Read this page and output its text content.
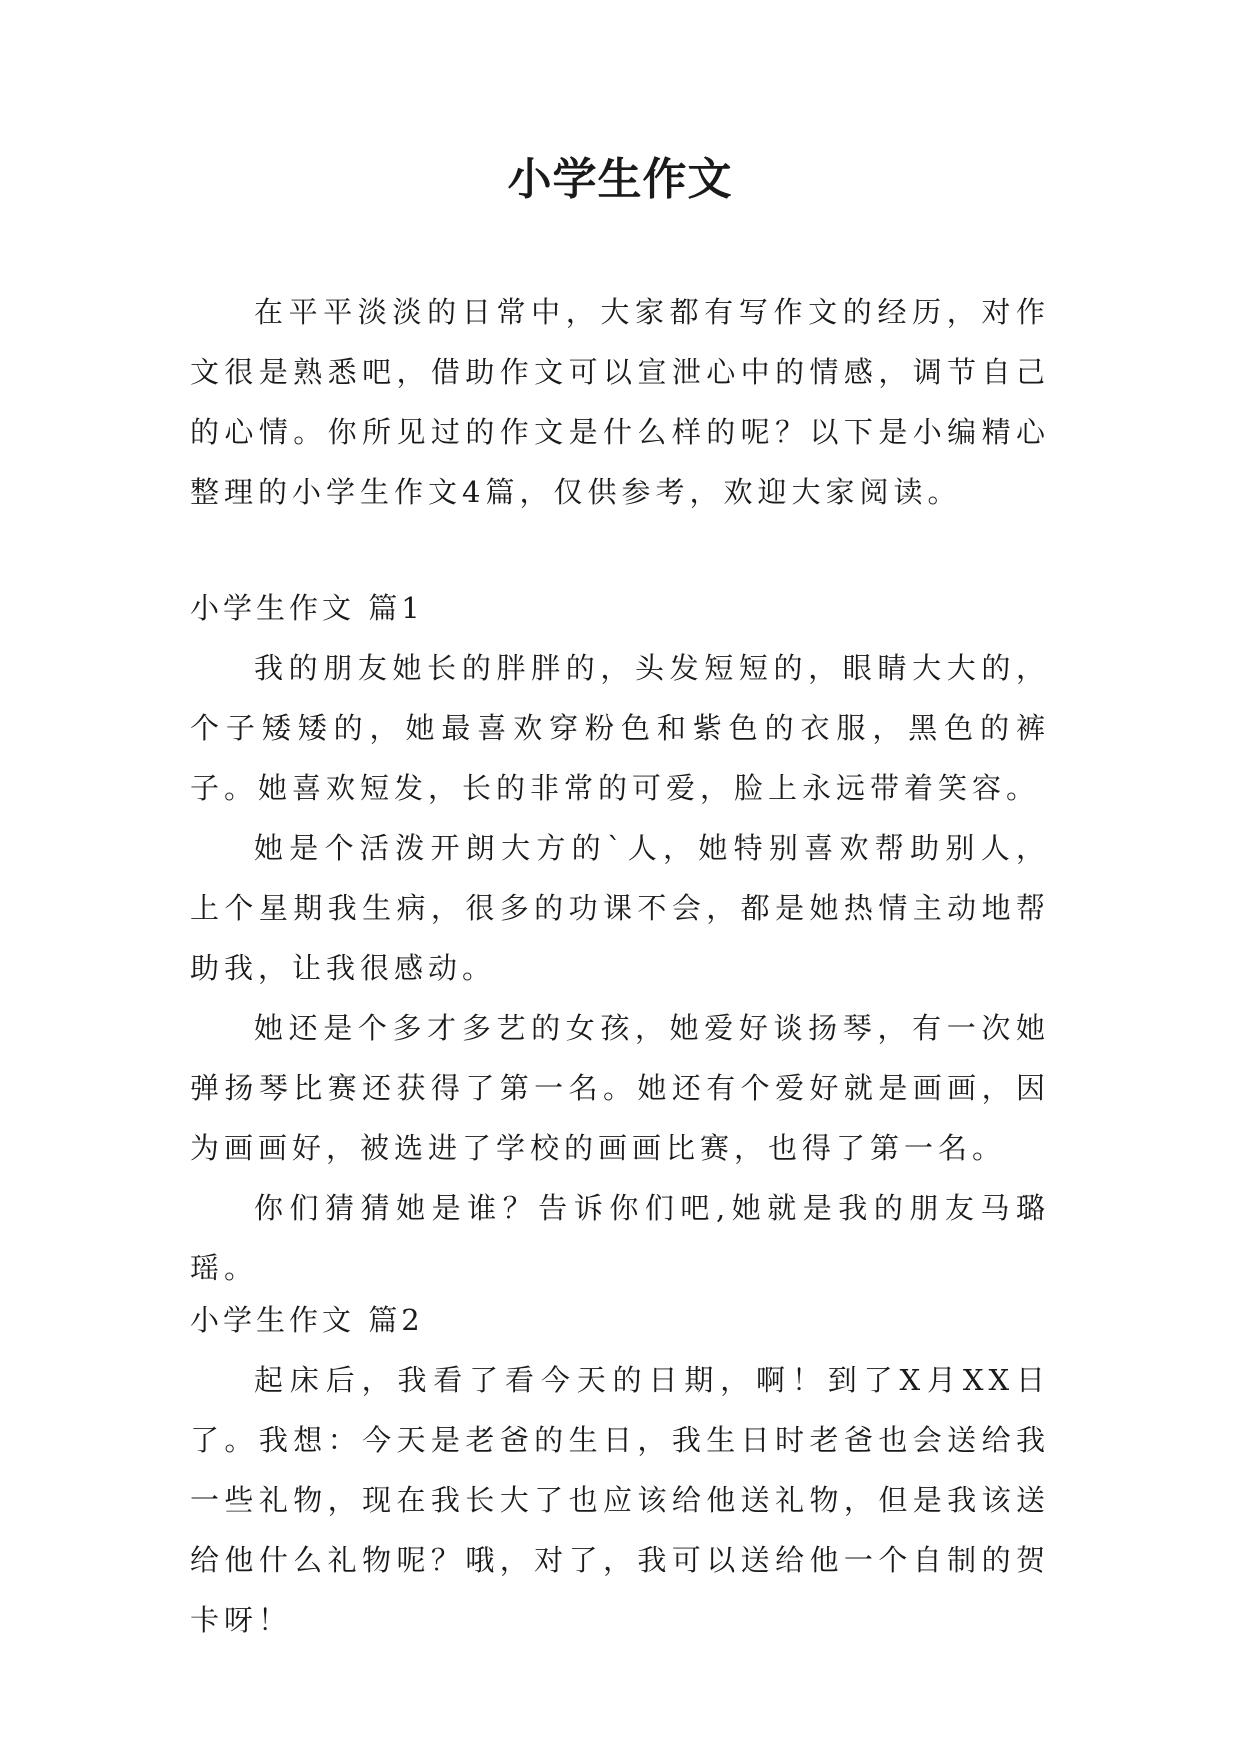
小学生作文

在平平淡淡的日常中，大家都有写作文的经历，对作文很是熟悉吧，借助作文可以宣泄心中的情感，调节自己的心情。你所见过的作文是什么样的呢？以下是小编精心整理的小学生作文4篇，仅供参考，欢迎大家阅读。

小学生作文 篇1

我的朋友她长的胖胖的，头发短短的，眼睛大大的，个子矮矮的，她最喜欢穿粉色和紫色的衣服，黑色的裤子。她喜欢短发，长的非常的可爱，脸上永远带着笑容。

她是个活泼开朗大方的`人，她特别喜欢帮助别人，上个星期我生病，很多的功课不会，都是她热情主动地帮助我，让我很感动。

她还是个多才多艺的女孩，她爱好谈扬琴，有一次她弹扬琴比赛还获得了第一名。她还有个爱好就是画画，因为画画好，被选进了学校的画画比赛，也得了第一名。

你们猜猜她是谁？告诉你们吧,她就是我的朋友马璐瑶。

小学生作文 篇2

起床后，我看了看今天的日期，啊！到了X月XX日了。我想：今天是老爸的生日，我生日时老爸也会送给我一些礼物，现在我长大了也应该给他送礼物，但是我该送给他什么礼物呢？哦，对了，我可以送给他一个自制的贺卡呀！
